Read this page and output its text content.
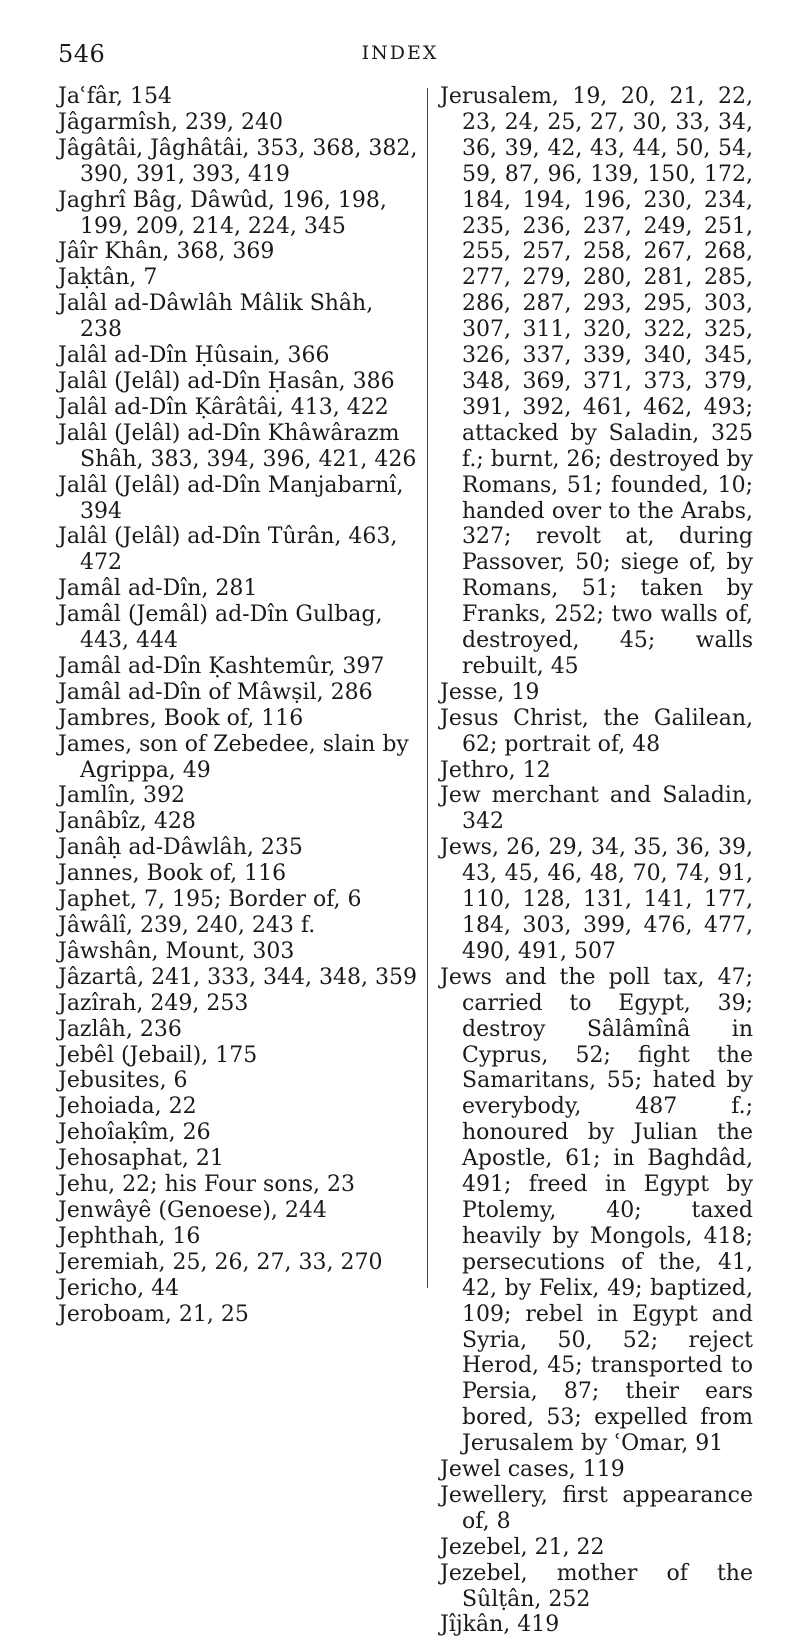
546	INDEX

Jaʿfâr, 154

Jâgarmîsh, 239, 240

Jâgâtâi, Jâghâtâi, 353, 368, 382, 390, 391, 393, 419

Jaghrî Bâg, Dâwûd, 196, 198, 199, 209, 214, 224, 345

Jâîr Khân, 368, 369

Jaḳtân, 7

Jalâl ad-Dâwlâh Mâlik Shâh, 238

Jalâl ad-Dîn Ḥûsain, 366

Jalâl (Jelâl) ad-Dîn Ḥasân, 386

Jalâl ad-Dîn Ḳârâtâi, 413, 422

Jalâl (Jelâl) ad-Dîn Khâwârazm Shâh, 383, 394, 396, 421, 426

Jalâl (Jelâl) ad-Dîn Manjabarnî, 394

Jalâl (Jelâl) ad-Dîn Tûrân, 463, 472

Jamâl ad-Dîn, 281

Jamâl (Jemâl) ad-Dîn Gulbag, 443, 444

Jamâl ad-Dîn Ḳashtemûr, 397

Jamâl ad-Dîn of Mâwṣil, 286

Jambres, Book of, 116

James, son of Zebedee, slain by Agrippa, 49

Jamlîn, 392

Janâbîz, 428

Janâḥ ad-Dâwlâh, 235

Jannes, Book of, 116

Japhet, 7, 195; Border of, 6

Jâwâlî, 239, 240, 243 f.

Jâwshân, Mount, 303

Jâzartâ, 241, 333, 344, 348, 359

Jazîrah, 249, 253

Jazlâh, 236

Jebêl (Jebail), 175

Jebusites, 6

Jehoiada, 22

Jehoîaḳîm, 26

Jehosaphat, 21

Jehu, 22; his Four sons, 23

Jenwâyê (Genoese), 244

Jephthah, 16

Jeremiah, 25, 26, 27, 33, 270

Jericho, 44

Jeroboam, 21, 25

Jerusalem, 19, 20, 21, 22, 23, 24, 25, 27, 30, 33, 34, 36, 39, 42, 43, 44, 50, 54, 59, 87, 96, 139, 150, 172, 184, 194, 196, 230, 234, 235, 236, 237, 249, 251, 255, 257, 258, 267, 268, 277, 279, 280, 281, 285, 286, 287, 293, 295, 303, 307, 311, 320, 322, 325, 326, 337, 339, 340, 345, 348, 369, 371, 373, 379, 391, 392, 461, 462, 493; attacked by Saladin, 325 f.; burnt, 26; destroyed by Romans, 51; founded, 10; handed over to the Arabs, 327; revolt at, during Passover, 50; siege of, by Romans, 51; taken by Franks, 252; two walls of, destroyed, 45; walls rebuilt, 45

Jesse, 19

Jesus Christ, the Galilean, 62; portrait of, 48

Jethro, 12

Jew merchant and Saladin, 342

Jews, 26, 29, 34, 35, 36, 39, 43, 45, 46, 48, 70, 74, 91, 110, 128, 131, 141, 177, 184, 303, 399, 476, 477, 490, 491, 507

Jews and the poll tax, 47; carried to Egypt, 39; destroy Sâlâmînâ in Cyprus, 52; fight the Samaritans, 55; hated by everybody, 487 f.; honoured by Julian the Apostle, 61; in Baghdâd, 491; freed in Egypt by Ptolemy, 40; taxed heavily by Mongols, 418; persecutions of the, 41, 42, by Felix, 49; baptized, 109; rebel in Egypt and Syria, 50, 52; reject Herod, 45; transported to Persia, 87; their ears bored, 53; expelled from Jerusalem by ʿOmar, 91

Jewel cases, 119

Jewellery, first appearance of, 8

Jezebel, 21, 22

Jezebel, mother of the Sûlṭân, 252

Jîjkân, 419
